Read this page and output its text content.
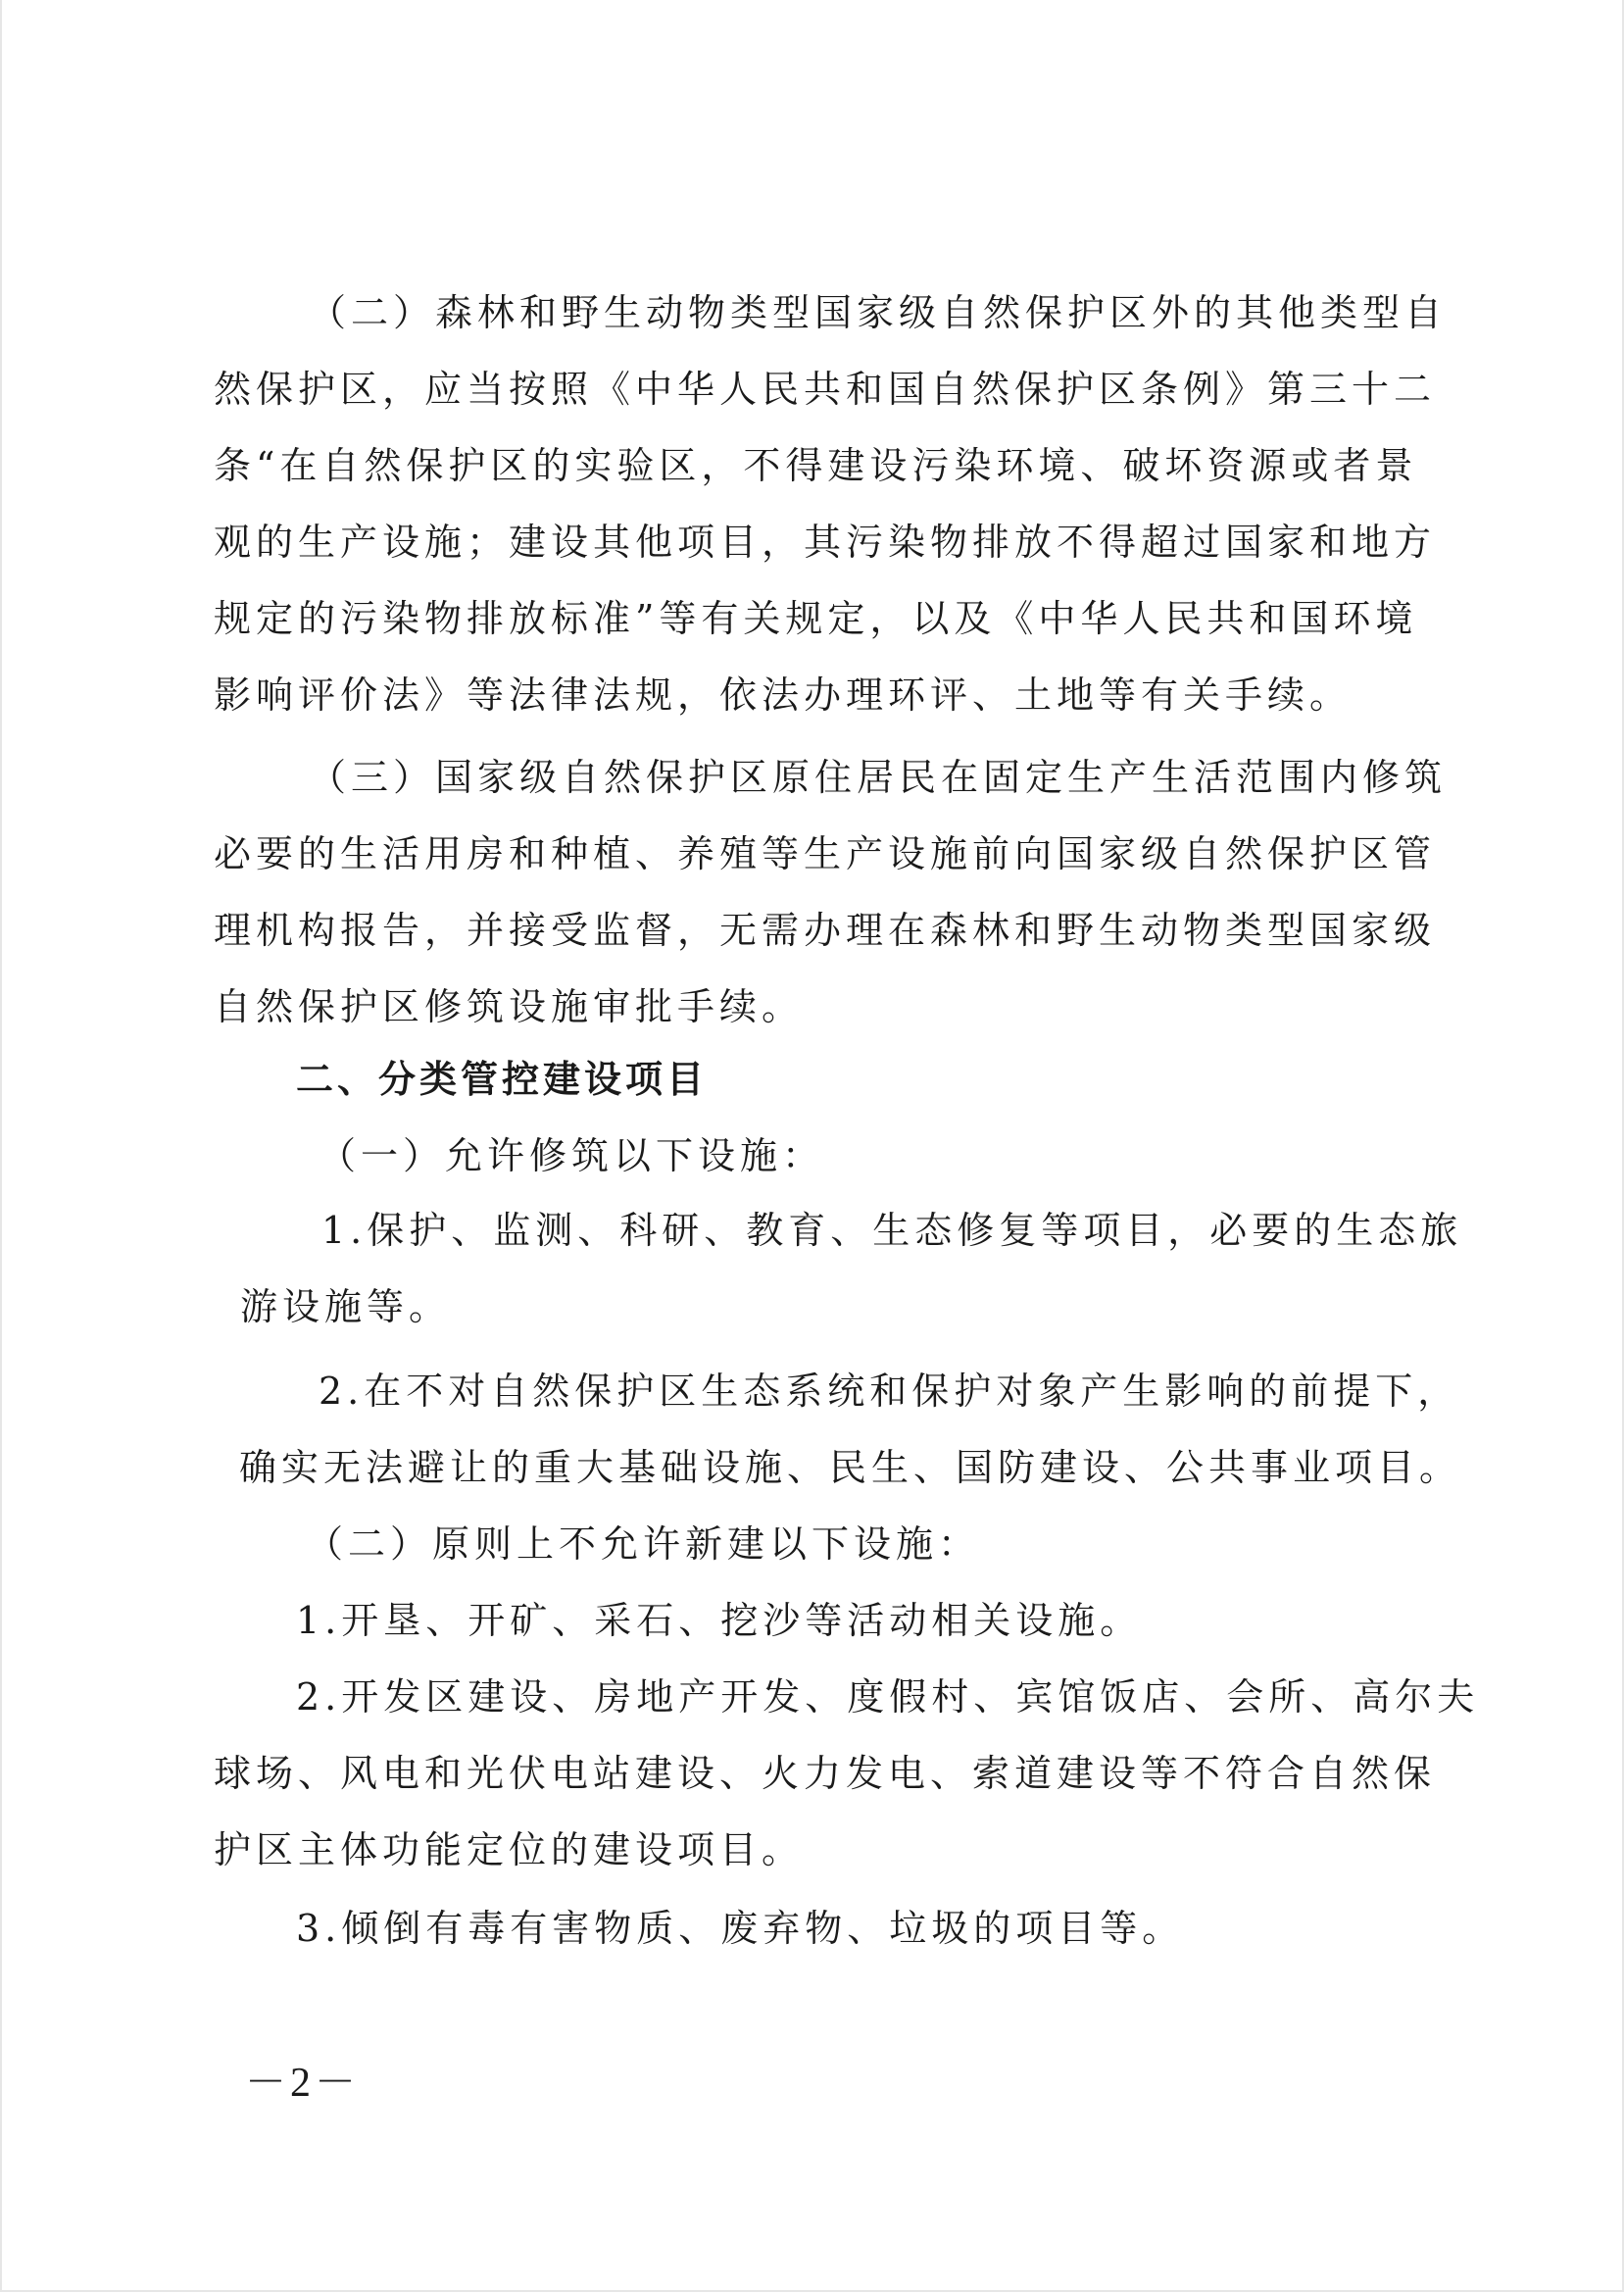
（二）森林和野生动物类型国家级自然保护区外的其他类型自
然保护区，应当按照《中华人民共和国自然保护区条例》第三十二
条“在自然保护区的实验区，不得建设污染环境、破坏资源或者景
观的生产设施；建设其他项目，其污染物排放不得超过国家和地方
规定的污染物排放标准”等有关规定，以及《中华人民共和国环境
影响评价法》等法律法规，依法办理环评、土地等有关手续。
（三）国家级自然保护区原住居民在固定生产生活范围内修筑
必要的生活用房和种植、养殖等生产设施前向国家级自然保护区管
理机构报告，并接受监督，无需办理在森林和野生动物类型国家级
自然保护区修筑设施审批手续。
二、分类管控建设项目
（一）允许修筑以下设施：
1.保护、监测、科研、教育、生态修复等项目，必要的生态旅
游设施等。
2.在不对自然保护区生态系统和保护对象产生影响的前提下，
确实无法避让的重大基础设施、民生、国防建设、公共事业项目。
（二）原则上不允许新建以下设施：
1.开垦、开矿、采石、挖沙等活动相关设施。
2.开发区建设、房地产开发、度假村、宾馆饭店、会所、高尔夫
球场、风电和光伏电站建设、火力发电、索道建设等不符合自然保
护区主体功能定位的建设项目。
3.倾倒有毒有害物质、废弃物、垃圾的项目等。
－2－
